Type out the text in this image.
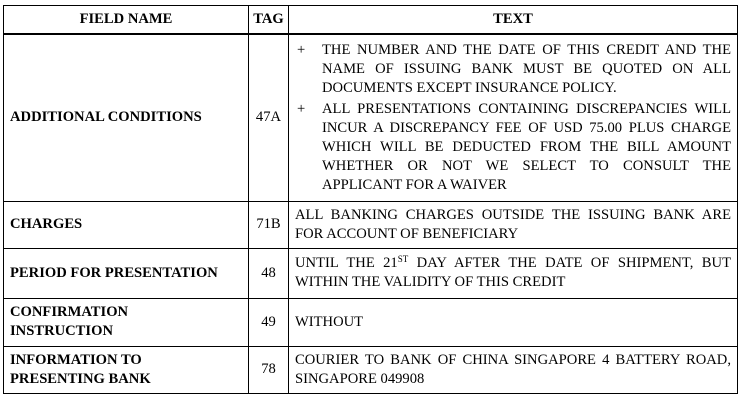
FIELD NAME	TAG	TEXT
ADDITIONAL CONDITIONS	47A	+ THE NUMBER AND THE DATE OF THIS CREDIT AND THE NAME OF ISSUING BANK MUST BE QUOTED ON ALL DOCUMENTS EXCEPT INSURANCE POLICY.
+ ALL PRESENTATIONS CONTAINING DISCREPANCIES WILL INCUR A DISCREPANCY FEE OF USD 75.00 PLUS CHARGE WHICH WILL BE DEDUCTED FROM THE BILL AMOUNT WHETHER OR NOT WE SELECT TO CONSULT THE APPLICANT FOR A WAIVER

CHARGES	71B	ALL BANKING CHARGES OUTSIDE THE ISSUING BANK ARE FOR ACCOUNT OF BENEFICIARY
PERIOD FOR PRESENTATION	48	UNTIL THE 21ST DAY AFTER THE DATE OF SHIPMENT, BUT WITHIN THE VALIDITY OF THIS CREDIT
CONFIRMATION
INSTRUCTION	49	WITHOUT
INFORMATION TO
PRESENTING BANK	78	COURIER TO BANK OF CHINA SINGAPORE 4 BATTERY ROAD, SINGAPORE 049908
